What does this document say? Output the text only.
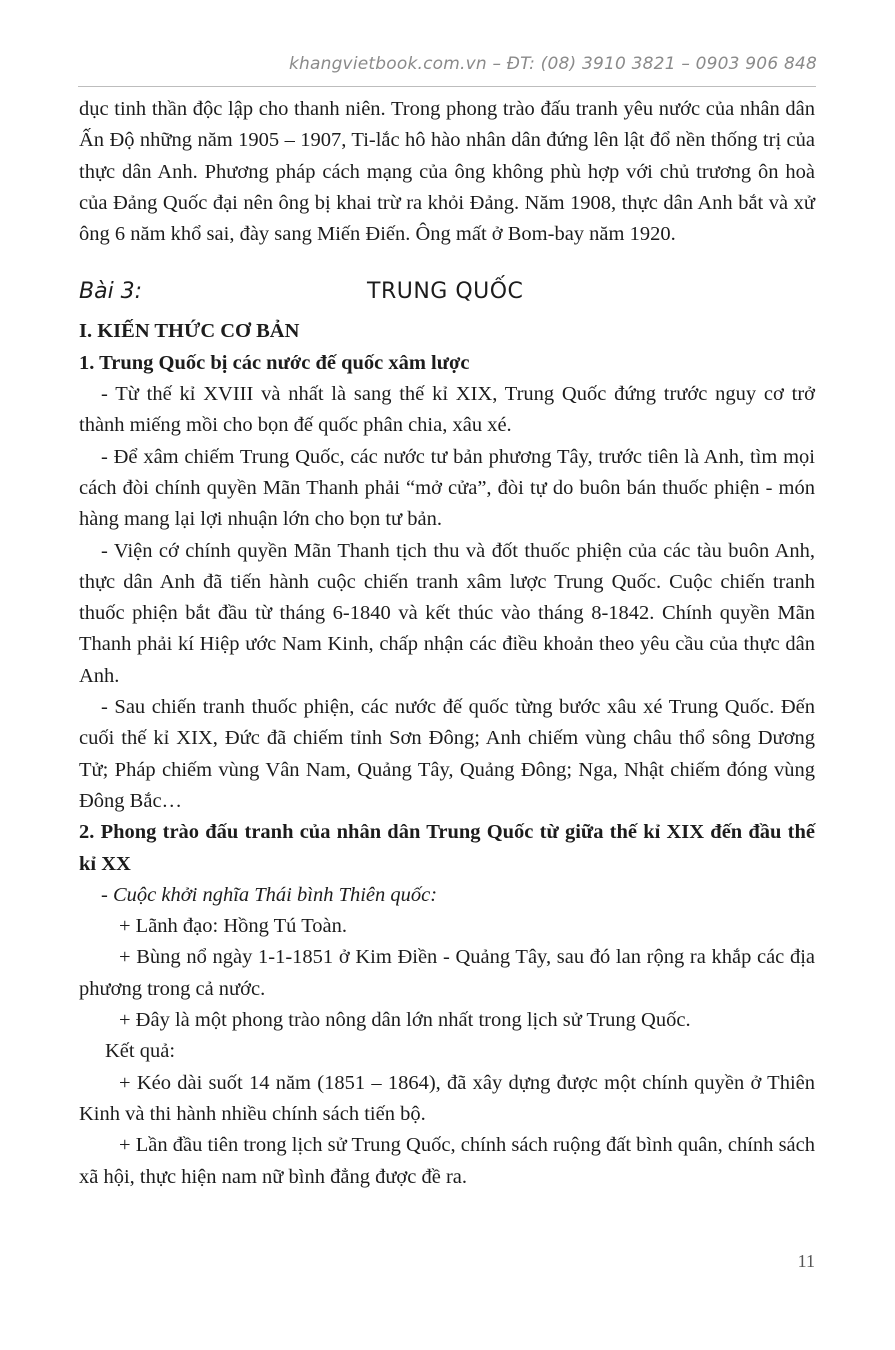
khangvietbook.com.vn – ĐT: (08) 3910 3821 – 0903 906 848

dục tinh thần độc lập cho thanh niên. Trong phong trào đấu tranh yêu nước của nhân dân Ấn Độ những năm 1905 – 1907, Ti-lắc hô hào nhân dân đứng lên lật đổ nền thống trị của thực dân Anh. Phương pháp cách mạng của ông không phù hợp với chủ trương ôn hoà của Đảng Quốc đại nên ông bị khai trừ ra khỏi Đảng. Năm 1908, thực dân Anh bắt và xử ông 6 năm khổ sai, đày sang Miến Điến. Ông mất ở Bom-bay năm 1920.

Bài 3:	TRUNG QUỐC

I. KIẾN THỨC CƠ BẢN

1. Trung Quốc bị các nước đế quốc xâm lược

- Từ thế kỉ XVIII và nhất là sang thế kỉ XIX, Trung Quốc đứng trước nguy cơ trở thành miếng mồi cho bọn đế quốc phân chia, xâu xé.

- Để xâm chiếm Trung Quốc, các nước tư bản phương Tây, trước tiên là Anh, tìm mọi cách đòi chính quyền Mãn Thanh phải “mở cửa”, đòi tự do buôn bán thuốc phiện - món hàng mang lại lợi nhuận lớn cho bọn tư bản.

- Viện cớ chính quyền Mãn Thanh tịch thu và đốt thuốc phiện của các tàu buôn Anh, thực dân Anh đã tiến hành cuộc chiến tranh xâm lược Trung Quốc. Cuộc chiến tranh thuốc phiện bắt đầu từ tháng 6-1840 và kết thúc vào tháng 8-1842. Chính quyền Mãn Thanh phải kí Hiệp ước Nam Kinh, chấp nhận các điều khoản theo yêu cầu của thực dân Anh.

- Sau chiến tranh thuốc phiện, các nước đế quốc từng bước xâu xé Trung Quốc. Đến cuối thế kỉ XIX, Đức đã chiếm tỉnh Sơn Đông; Anh chiếm vùng châu thổ sông Dương Tử; Pháp chiếm vùng Vân Nam, Quảng Tây, Quảng Đông; Nga, Nhật chiếm đóng vùng Đông Bắc…

2. Phong trào đấu tranh của nhân dân Trung Quốc từ giữa thế kỉ XIX đến đầu thế kỉ XX

- Cuộc khởi nghĩa Thái bình Thiên quốc:

+ Lãnh đạo: Hồng Tú Toàn.

+ Bùng nổ ngày 1-1-1851 ở Kim Điền - Quảng Tây, sau đó lan rộng ra khắp các địa phương trong cả nước.

+ Đây là một phong trào nông dân lớn nhất trong lịch sử Trung Quốc.

Kết quả:

+ Kéo dài suốt 14 năm (1851 – 1864), đã xây dựng được một chính quyền ở Thiên Kinh và thi hành nhiều chính sách tiến bộ.

+ Lần đầu tiên trong lịch sử Trung Quốc, chính sách ruộng đất bình quân, chính sách xã hội, thực hiện nam nữ bình đẳng được đề ra.

11
